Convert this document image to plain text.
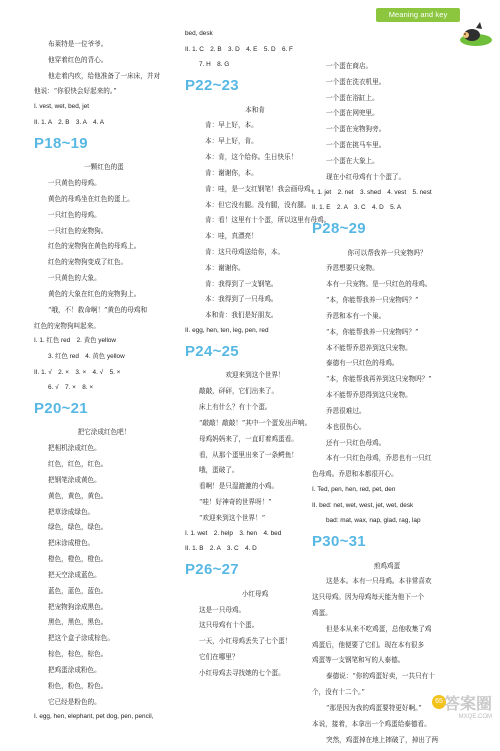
Meaning and key
布莱特是一位爷爷。
他穿着红色的背心。
他走着内疚，给他准备了一床床，并对
他说：“你很快会好起来的。”
I. vest, wet, bed, jet
II. 1. A　2. B　3. A　4. A
P18~19
一颗红色的蛋
一只黄色的母鸡。
黄色的母鸡坐在红色的蛋上。
一只红色的母鸡。
一只红色的宠物狗。
红色的宠物狗在黄色的母鸡上。
红色的宠物狗变成了红色。
一只黄色的大象。
黄色的大象在红色的宠物狗上。
“哦，不！救命啊！”黄色的母鸡和
红色的宠物狗叫起来。
I. 1. 红色 red　2. 黄色 yellow
3. 红色 red　4. 黄色 yellow
II. 1. √　2. ×　3. ×　4. √　5. ×
6. √　7. ×　8. ×
P20~21
把它涂成红色吧！
把相机涂成红色。
红色，红色，红色。
把钢笔涂成黄色。
黄色，黄色，黄色。
把草涂成绿色。
绿色，绿色，绿色。
把床涂成橙色。
橙色，橙色，橙色。
把天空涂成蓝色。
蓝色，蓝色，蓝色。
把宠物狗涂成黑色。
黑色，黑色，黑色。
把这个盒子涂成棕色。
棕色，棕色，棕色。
把鸡蛋涂成粉色。
粉色，粉色，粉色。
它已经是粉色的。
I. egg, hen, elephant, pet dog, pen, pencil,
bed, desk
II. 1. C　2. B　3. D　4. E　5. D　6. F
7. H　8. G
P22~23
本和肯
肯：早上好，本。
本：早上好，肯。
本：肯，这个给你。生日快乐！
肯：谢谢你，本。
肯：哇，是一支红钢笔！我会画母鸡。
本：但它没有腿。没有腿，没有腿。
肯：看！这里有十个蛋，所以这里有母鸡。
本：哇，真漂亮！
肯：这只母鸡送给你，本。
本：谢谢你。
肯：我得到了一支钢笔。
本：我得到了一只母鸡。
本和肯：我们是好朋友。
II. egg, hen, ten, leg, pen, red
P24~25
欢迎来到这个世界！
敲敲，砰砰，它们出来了。
床上有什么？有十个蛋。
“敲敲！敲敲！”其中一个蛋发出声响。
母鸡妈妈来了，一直盯着鸡蛋看。
看，从那个蛋里出来了一条鳄鱼！
哦，蛋破了。
看啊！是只湿漉漉的小鸡。
“哇！好神奇的世界呀！”
“欢迎来到这个世界！”
I. 1. wet　2. help　3. hen　4. bed
II. 1. B　2. A　3. C　4. D
P26~27
小红母鸡
这是一只母鸡。
这只母鸡有十个蛋。
一天，小红母鸡丢失了七个蛋！
它们在哪里？
小红母鸡去寻找她的七个蛋。
一个蛋在商店。
一个蛋在洗衣机里。
一个蛋在浴缸上。
一个蛋在网兜里。
一个蛋在宠物狗旁。
一个蛋在挑马车里。
一个蛋在大象上。
现在小红母鸡有十个蛋了。
I. 1. jet　2. net　3. shed　4. vest　5. nest
II. 1. E　2. A　3. C　4. D　5. A
P28~29
你可以帮我养一只宠物吗？
乔恩想要只宠物。
本有一只宠物。是一只红色的母鸡。
“本，你能帮我养一只宠物吗？”
乔恩和本有一个巢。
“本，你能帮我养一只宠物吗？”
本不能帮乔恩养到这只宠物。
泰德有一只红色的母鸡。
“本，你能帮我再养到这只宠物吗？”
本不能帮乔恩得到这只宠物。
乔恩很难过。
本也很伤心。
还有一只红色母鸡。
本有一只红色母鸡，乔恩也有一只红
色母鸡。乔恩和本都很开心。
I. Ted, pen, hen, red, pet, den
II. bed: net, wet, west, jet, wet, desk
bad: mat, wax, nap, glad, rag, lap
P30~31
煎鸡鸡蛋
这是本。本有一只母鸡。本非常喜欢
这只母鸡。因为母鸡每天能为他下一个
鸡蛋。
但是本从来不吃鸡蛋，总他收集了鸡
鸡蛋后，他便要了它们。现在本有很多
鸡蛋等一支钢笔和写的人泰德。
泰德说：“你的鸡蛋好卖，一共只有十
个，没有十二个。”
“那是因为我的鸡蛋要特更好啊。”
本说，接着，本拿出一个鸡蛋给泰德看。
突然，鸡蛋掉在地上摔破了，掉出了两
65 答案圈
MXQE.COM
